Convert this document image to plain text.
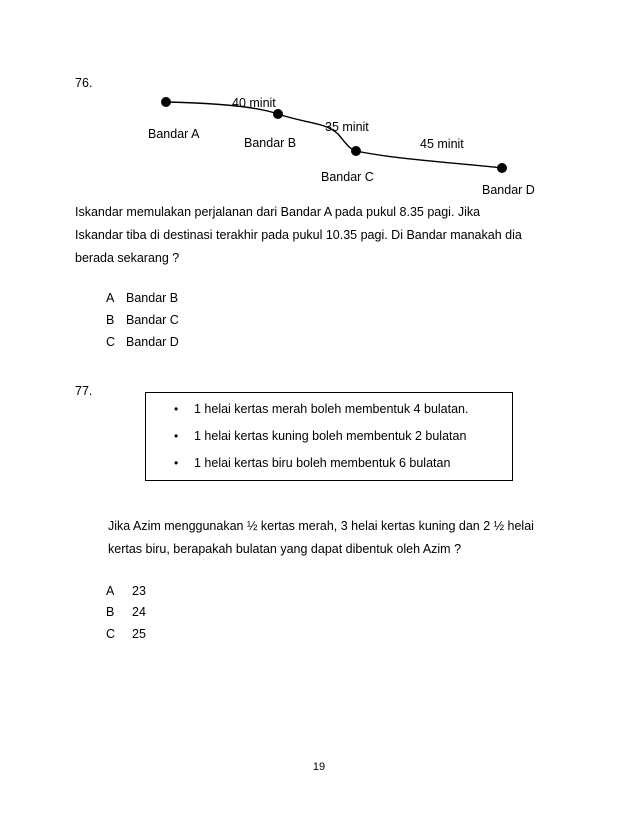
76.
40 minit
35 minit
45 minit
Bandar A
Bandar B
Bandar C
Bandar D
Iskandar memulakan perjalanan dari Bandar A pada pukul 8.35 pagi. Jika
Iskandar tiba di destinasi terakhir pada pukul 10.35 pagi. Di Bandar manakah dia
berada sekarang ?
A Bandar B
B Bandar C
C Bandar D
77.
• 1 helai kertas merah boleh membentuk 4 bulatan.
• 1 helai kertas kuning boleh membentuk 2 bulatan
• 1 helai kertas biru boleh membentuk 6 bulatan
Jika Azim menggunakan ½ kertas merah, 3 helai kertas kuning dan 2 ½ helai
kertas biru, berapakah bulatan yang dapat dibentuk oleh Azim ?
A 23
B 24
C 25
19
